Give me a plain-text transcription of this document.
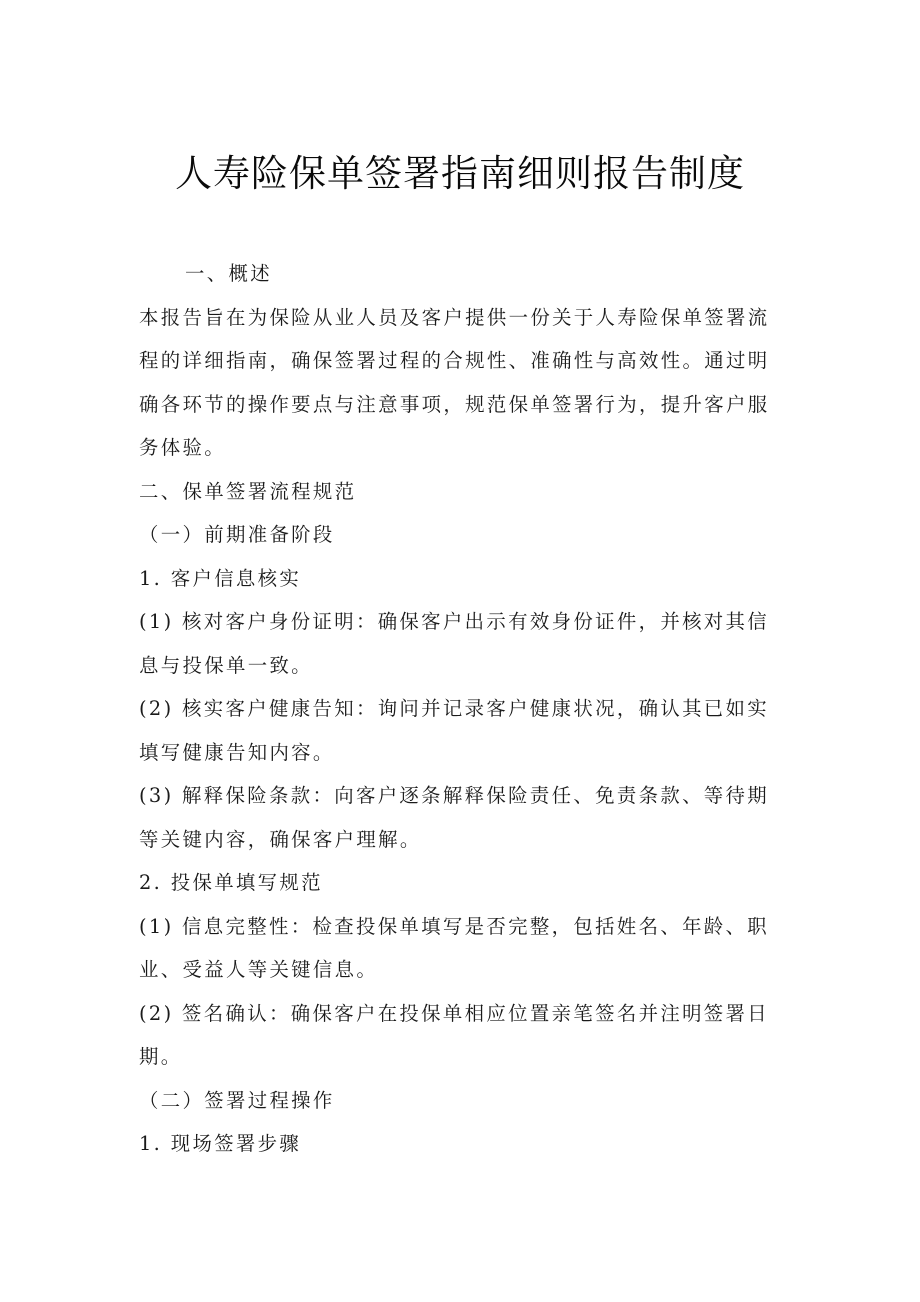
人寿险保单签署指南细则报告制度
一、概述
本报告旨在为保险从业人员及客户提供一份关于人寿险保单签署流
程的详细指南，确保签署过程的合规性、准确性与高效性。通过明
确各环节的操作要点与注意事项，规范保单签署行为，提升客户服
务体验。
二、保单签署流程规范
（一）前期准备阶段
1. 客户信息核实
(1) 核对客户身份证明：确保客户出示有效身份证件，并核对其信
息与投保单一致。
(2) 核实客户健康告知：询问并记录客户健康状况，确认其已如实
填写健康告知内容。
(3) 解释保险条款：向客户逐条解释保险责任、免责条款、等待期
等关键内容，确保客户理解。
2. 投保单填写规范
(1) 信息完整性：检查投保单填写是否完整，包括姓名、年龄、职
业、受益人等关键信息。
(2) 签名确认：确保客户在投保单相应位置亲笔签名并注明签署日
期。
（二）签署过程操作
1. 现场签署步骤
